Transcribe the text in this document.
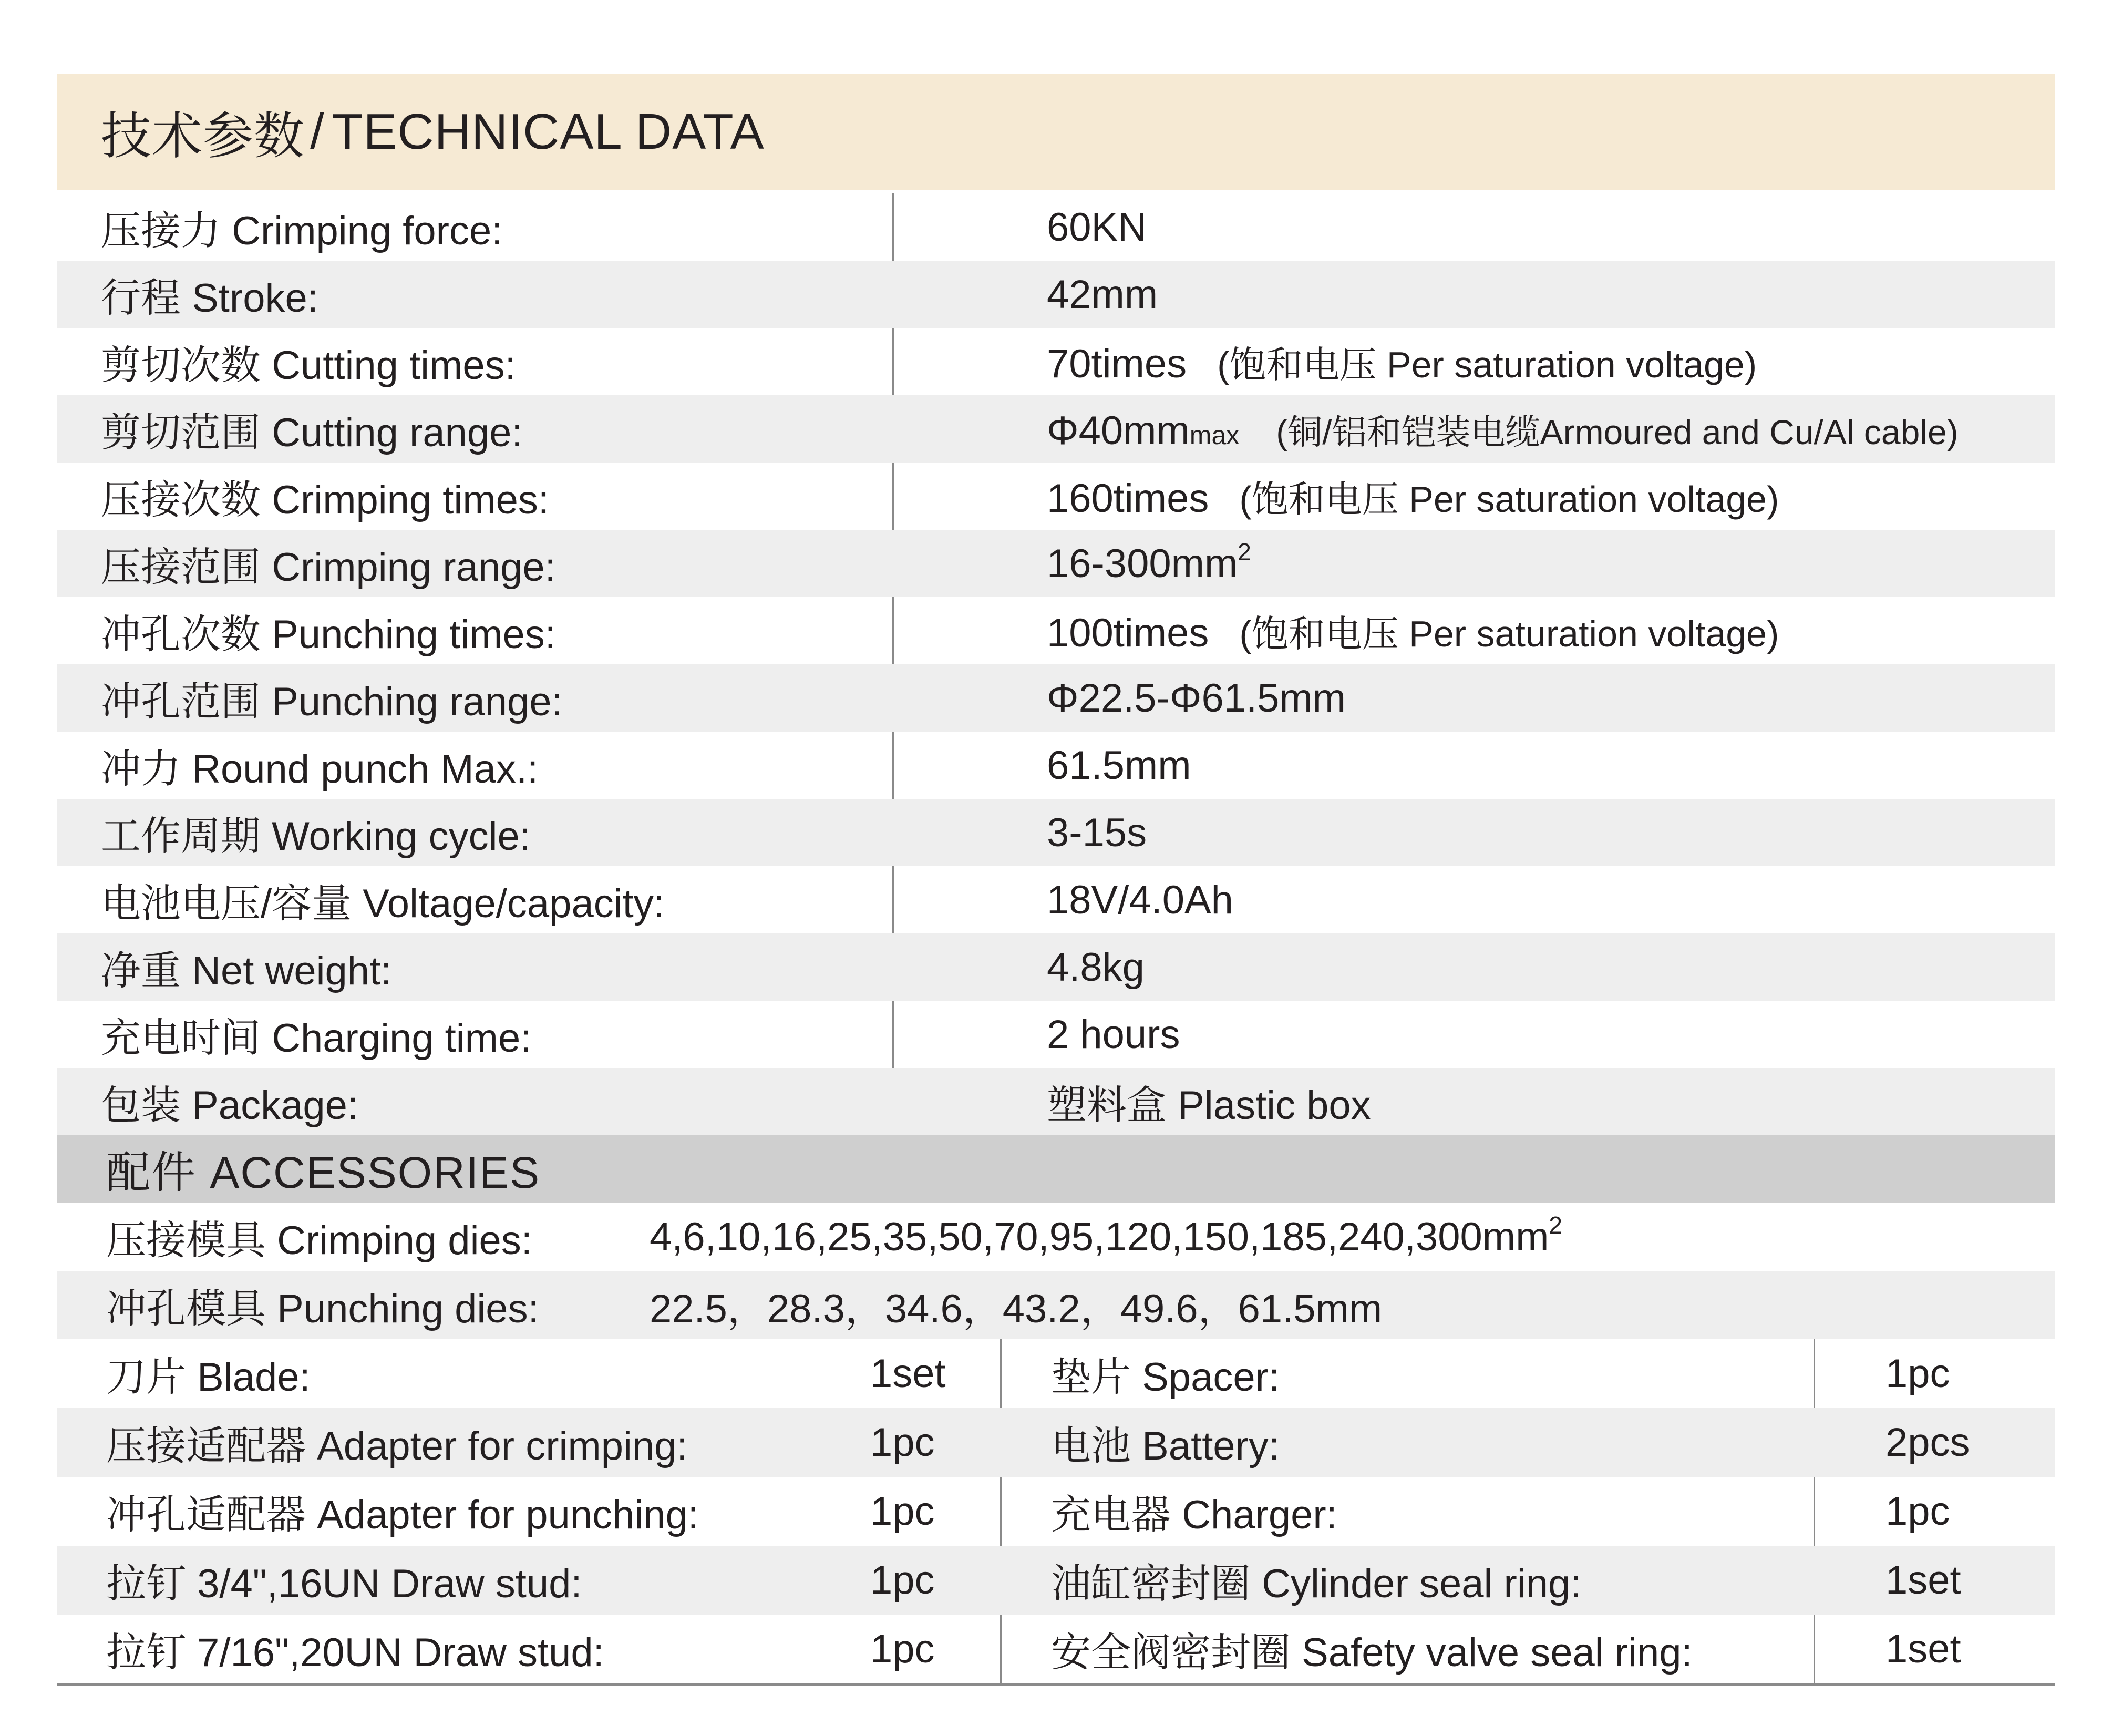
技术参数 / TECHNICAL DATA
压接力 Crimping force:	60KN
行程 Stroke:	42mm
剪切次数 Cutting times:	70times (饱和电压 Per saturation voltage)
剪切范围 Cutting range:	Φ40mmmax (铜/铝和铠装电缆Armoured and Cu/Al cable)
压接次数 Crimping times:	160times (饱和电压 Per saturation voltage)
压接范围 Crimping range:	$16-300mm^2$
冲孔次数 Punching times:	100times (饱和电压 Per saturation voltage)
冲孔范围 Punching range:	Φ22.5-Φ61.5mm
冲力 Round punch Max.:	61.5mm
工作周期 Working cycle:	3-15s
电池电压/容量 Voltage/capacity:	18V/4.0Ah
净重 Net weight:	4.8kg
充电时间 Charging time:	2 hours
包装 Package:	塑料盒 Plastic box
配件 ACCESSORIES
压接模具 Crimping dies:	$4,6,10,16,25,35,50,70,95,120,150,185,240,300mm^2$
冲孔模具 Punching dies:	22.5，28.3，34.6，43.2，49.6，61.5mm
刀片 Blade:	1set	垫片 Spacer:	1pc
压接适配器 Adapter for crimping:	1pc	电池 Battery:	2pcs
冲孔适配器 Adapter for punching:	1pc	充电器 Charger:	1pc
拉钉 3/4",16UN Draw stud:	1pc	油缸密封圈 Cylinder seal ring:	1set
拉钉 7/16",20UN Draw stud:	1pc	安全阀密封圈 Safety valve seal ring:	1set
